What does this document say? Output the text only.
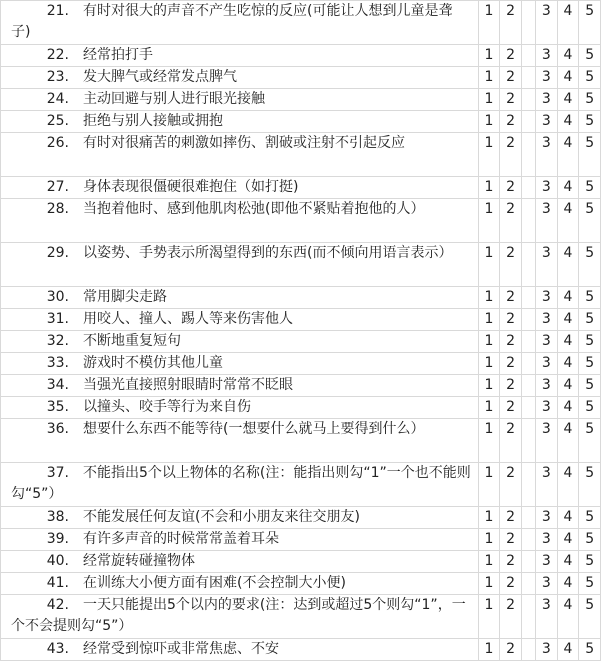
21. 有时对很大的声音不产生吃惊的反应(可能让人想到儿童是聋子)	1	2		3	4	5
22. 经常拍打手	1	2		3	4	5
23. 发大脾气或经常发点脾气	1	2		3	4	5
24. 主动回避与别人进行眼光接触	1	2		3	4	5
25. 拒绝与别人接触或拥抱	1	2		3	4	5
26. 有时对很痛苦的刺激如摔伤、割破或注射不引起反应	1	2		3	4	5
27. 身体表现很僵硬很难抱住（如打挺)	1	2		3	4	5
28. 当抱着他时、感到他肌肉松弛(即他不紧贴着抱他的人）	1	2		3	4	5
29. 以姿势、手势表示所渴望得到的东西(而不倾向用语言表示）	1	2		3	4	5
30. 常用脚尖走路	1	2		3	4	5
31. 用咬人、撞人、踢人等来伤害他人	1	2		3	4	5
32. 不断地重复短句	1	2		3	4	5
33. 游戏时不模仿其他儿童	1	2		3	4	5
34. 当强光直接照射眼睛时常常不眨眼	1	2		3	4	5
35. 以撞头、咬手等行为来自伤	1	2		3	4	5
36. 想要什么东西不能等待(一想要什么就马上要得到什么）	1	2		3	4	5
37. 不能指出5个以上物体的名称(注：能指出则勾“1”一个也不能则勾“5”）	1	2		3	4	5
38. 不能发展任何友谊(不会和小朋友来往交朋友)	1	2		3	4	5
39. 有许多声音的时候常常盖着耳朵	1	2		3	4	5
40. 经常旋转碰撞物体	1	2		3	4	5
41. 在训练大小便方面有困难(不会控制大小便)	1	2		3	4	5
42. 一天只能提出5个以内的要求(注：达到或超过5个则勾“1”，一个不会提则勾“5”）	1	2		3	4	5
43. 经常受到惊吓或非常焦虑、不安	1	2		3	4	5
